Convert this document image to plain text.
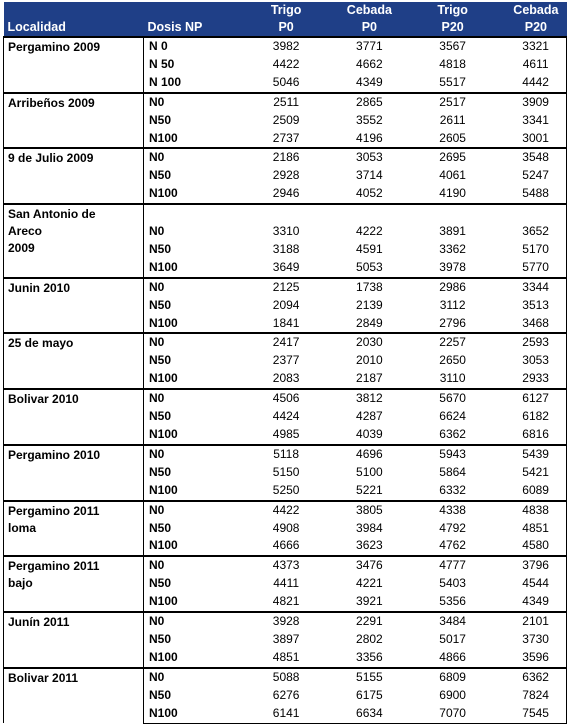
Localidad	Dosis NP	Trigo	Cebada	Trigo	Cebada
		P0	P0	P20	P20

Pergamino 2009	N 0	3982	3771	3567	3321
	N 50	4422	4662	4818	4611
	N 100	5046	4349	5517	4442

Arribeños 2009	N0	2511	2865	2517	3909
	N50	2509	3552	2611	3341
	N100	2737	4196	2605	3001

9 de Julio 2009	N0	2186	3053	2695	3548
	N50	2928	3714	4061	5247
	N100	2946	4052	4190	5488

San Antonio de
Areco
2009					

	N0	3310	4222	3891	3652
	N50	3188	4591	3362	5170
	N100	3649	5053	3978	5770

Junin 2010	N0	2125	1738	2986	3344
	N50	2094	2139	3112	3513
	N100	1841	2849	2796	3468

25 de mayo	N0	2417	2030	2257	2593
	N50	2377	2010	2650	3053
	N100	2083	2187	3110	2933

Bolivar 2010	N0	4506	3812	5670	6127
	N50	4424	4287	6624	6182
	N100	4985	4039	6362	6816

Pergamino 2010	N0	5118	4696	5943	5439
	N50	5150	5100	5864	5421
	N100	5250	5221	6332	6089

Pergamino 2011
loma	N0	4422	3805	4338	4838
	N50	4908	3984	4792	4851
	N100	4666	3623	4762	4580

Pergamino 2011
bajo	N0	4373	3476	4777	3796
	N50	4411	4221	5403	4544
	N100	4821	3921	5356	4349

Junín 2011	N0	3928	2291	3484	2101
	N50	3897	2802	5017	3730
	N100	4851	3356	4866	3596

Bolivar 2011	N0	5088	5155	6809	6362
	N50	6276	6175	6900	7824
	N100	6141	6634	7070	7545
